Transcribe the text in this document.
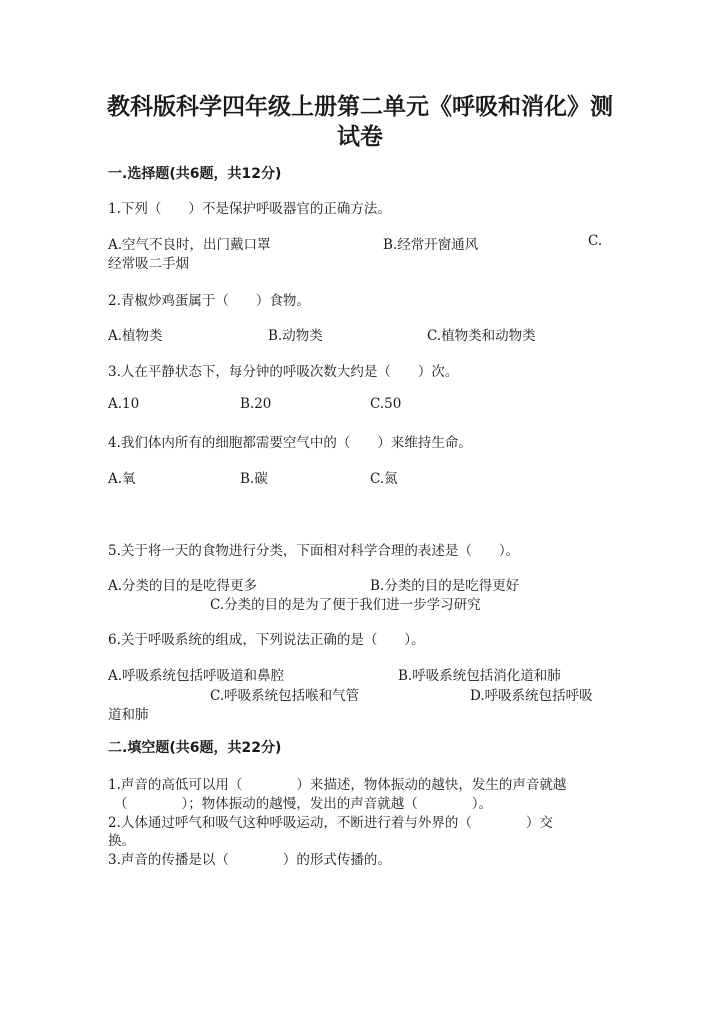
教科版科学四年级上册第二单元《呼吸和消化》测
试卷
一.选择题(共6题，共12分)
1.下列（　　）不是保护呼吸器官的正确方法。
A.空气不良时，出门戴口罩	B.经常开窗通风	C.
经常吸二手烟
2.青椒炒鸡蛋属于（　　）食物。
A.植物类	B.动物类	C.植物类和动物类
3.人在平静状态下，每分钟的呼吸次数大约是（　　）次。
A.10	B.20	C.50
4.我们体内所有的细胞都需要空气中的（　　）来维持生命。
A.氧	B.碳	C.氮
5.关于将一天的食物进行分类，下面相对科学合理的表述是（　　）。
A.分类的目的是吃得更多	B.分类的目的是吃得更好
C.分类的目的是为了便于我们进一步学习研究
6.关于呼吸系统的组成，下列说法正确的是（　　）。
A.呼吸系统包括呼吸道和鼻腔	B.呼吸系统包括消化道和肺
C.呼吸系统包括喉和气管	D.呼吸系统包括呼吸
道和肺
二.填空题(共6题，共22分)
1.声音的高低可以用（　　　　）来描述，物体振动的越快，发生的声音就越
（　　　　）；物体振动的越慢，发出的声音就越（　　　　）。
2.人体通过呼气和吸气这种呼吸运动，不断进行着与外界的（　　　　）交
换。
3.声音的传播是以（　　　　）的形式传播的。
